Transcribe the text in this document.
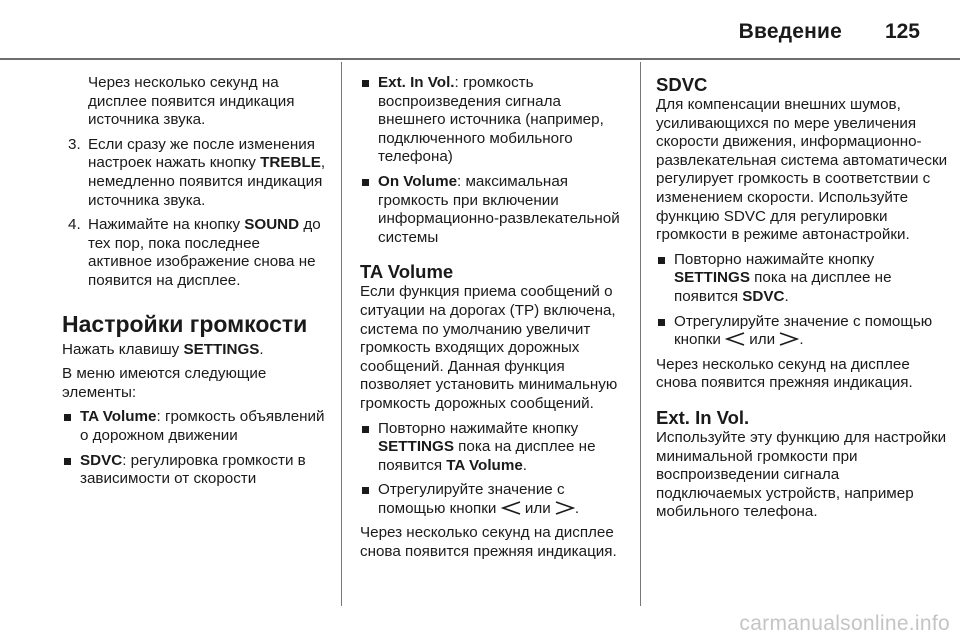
Введение 125
Через несколько секунд на дисплее появится индикация источника звука.
3. Если сразу же после изменения настроек нажать кнопку TREBLE, немедленно появится индикация источника звука.
4. Нажимайте на кнопку SOUND до тех пор, пока последнее активное изображение снова не появится на дисплее.
Настройки громкости

Нажать клавишу SETTINGS.

В меню имеются следующие элементы:

TA Volume: громкость объявлений о дорожном движении
SDVC: регулировка громкости в зависимости от скорости
Ext. In Vol.: громкость воспроизведения сигнала внешнего источника (например, подключенного мобильного телефона)
On Volume: максимальная громкость при включении информационно-развлекательной системы
TA Volume

Если функция приема сообщений о ситуации на дорогах (TP) включена, система по умолчанию увеличит громкость входящих дорожных сообщений. Данная функция позволяет установить минимальную громкость дорожных сообщений.

Повторно нажимайте кнопку SETTINGS пока на дисплее не появится TA Volume.
Отрегулируйте значение с помощью кнопки  или .

Через несколько секунд на дисплее снова появится прежняя индикация.

SDVC

Для компенсации внешних шумов, усиливающихся по мере увеличения скорости движения, информационно-развлекательная система автоматически регулирует громкость в соответствии с изменением скорости. Используйте функцию SDVC для регулировки громкости в режиме автонастройки.

Повторно нажимайте кнопку SETTINGS пока на дисплее не появится SDVC.
Отрегулируйте значение с помощью кнопки  или .

Через несколько секунд на дисплее снова появится прежняя индикация.

Ext. In Vol.

Используйте эту функцию для настройки минимальной громкости при воспроизведении сигнала подключаемых устройств, например мобильного телефона.

carmanualsonline.info
